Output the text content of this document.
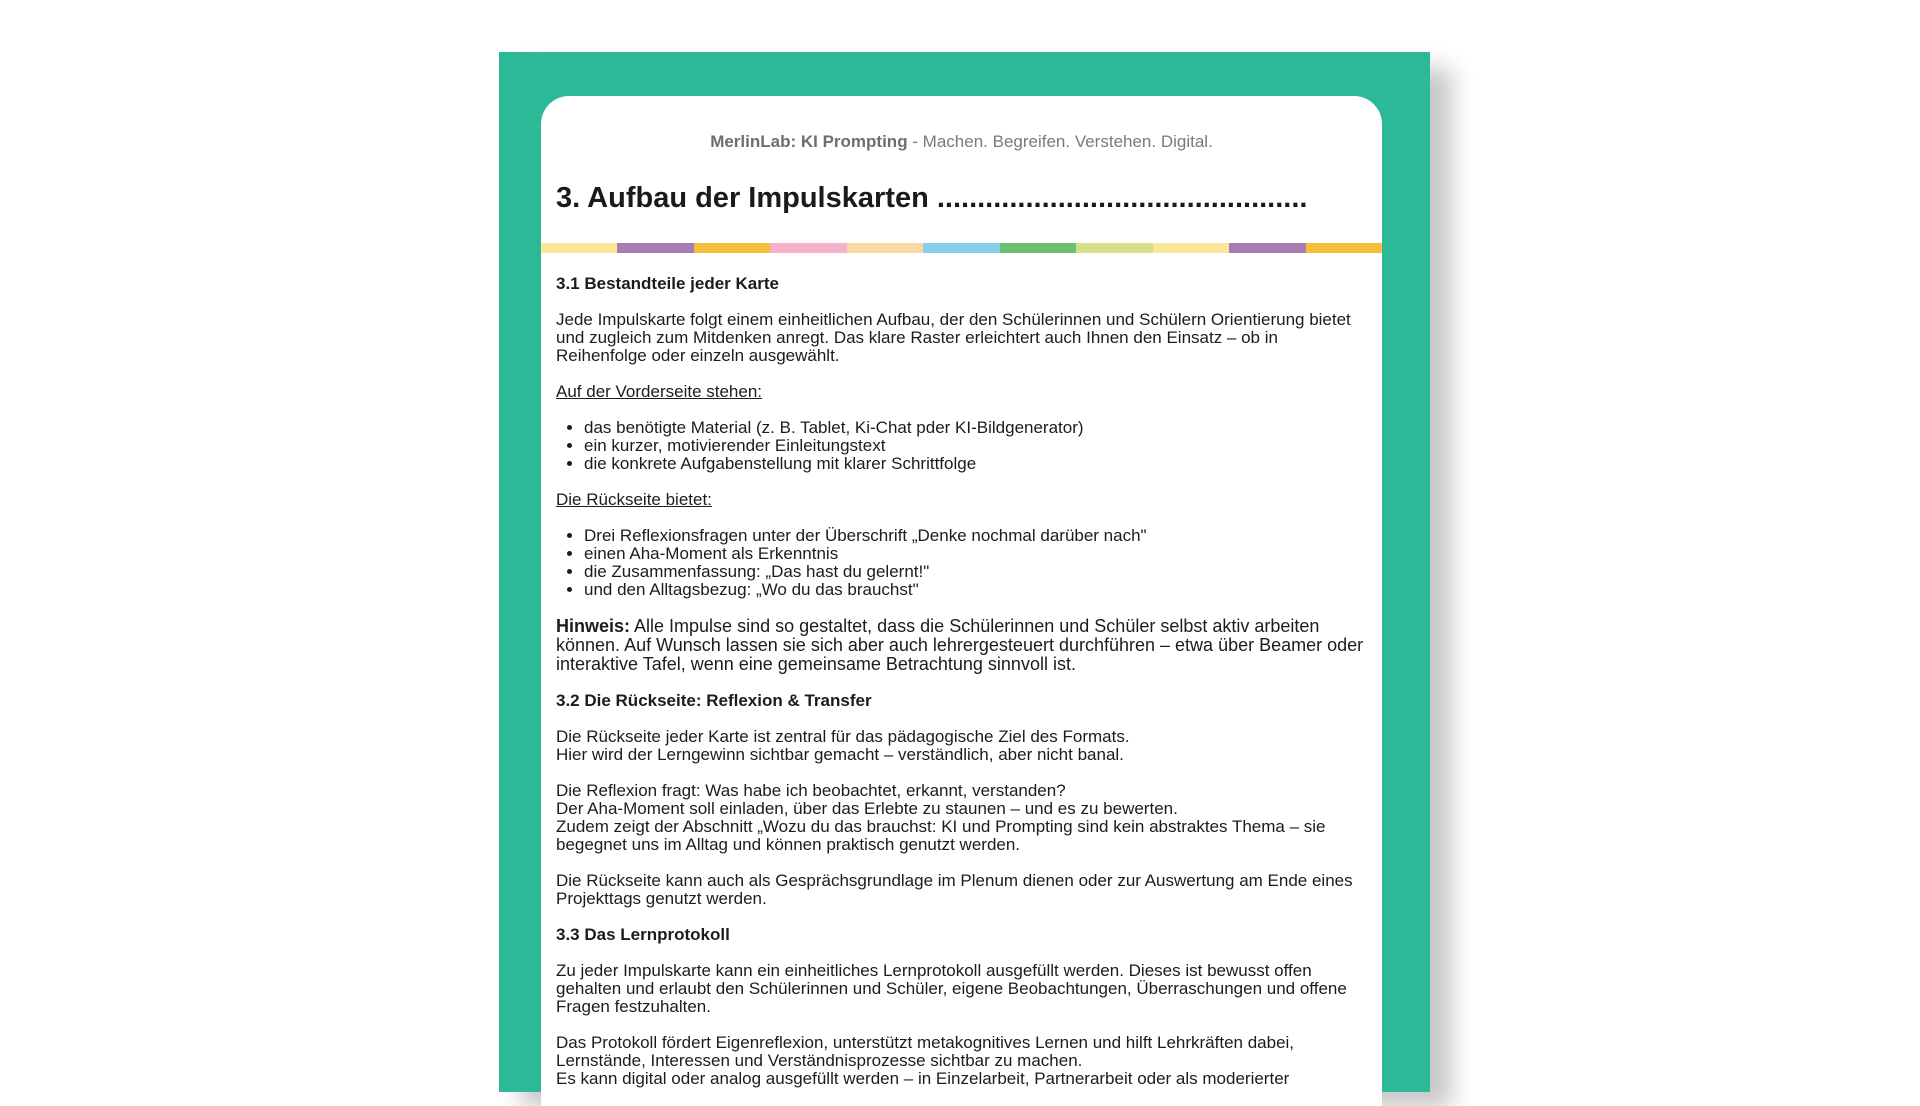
MerlinLab: KI Prompting - Machen. Begreifen. Verstehen. Digital.
3. Aufbau der Impulskarten ..............................................
3.1 Bestandteile jeder Karte

Jede Impulskarte folgt einem einheitlichen Aufbau, der den Schülerinnen und Schülern Orientierung bietet und zugleich zum Mitdenken anregt. Das klare Raster erleichtert auch Ihnen den Einsatz – ob in Reihenfolge oder einzeln ausgewählt.

Auf der Vorderseite stehen:
• das benötigte Material (z. B. Tablet, Ki-Chat pder KI-Bildgenerator)
• ein kurzer, motivierender Einleitungstext
• die konkrete Aufgabenstellung mit klarer Schrittfolge
Die Rückseite bietet:
• Drei Reflexionsfragen unter der Überschrift „Denke nochmal darüber nach"
• einen Aha-Moment als Erkenntnis
• die Zusammenfassung: „Das hast du gelernt!"
• und den Alltagsbezug: „Wo du das brauchst"

Hinweis: Alle Impulse sind so gestaltet, dass die Schülerinnen und Schüler selbst aktiv arbeiten können. Auf Wunsch lassen sie sich aber auch lehrergesteuert durchführen – etwa über Beamer oder interaktive Tafel, wenn eine gemeinsame Betrachtung sinnvoll ist.

3.2 Die Rückseite: Reflexion & Transfer

Die Rückseite jeder Karte ist zentral für das pädagogische Ziel des Formats.
Hier wird der Lerngewinn sichtbar gemacht – verständlich, aber nicht banal.

Die Reflexion fragt: Was habe ich beobachtet, erkannt, verstanden?
Der Aha-Moment soll einladen, über das Erlebte zu staunen – und es zu bewerten.
Zudem zeigt der Abschnitt „Wozu du das brauchst: KI und Prompting sind kein abstraktes Thema – sie begegnet uns im Alltag und können praktisch genutzt werden.

Die Rückseite kann auch als Gesprächsgrundlage im Plenum dienen oder zur Auswertung am Ende eines Projekttags genutzt werden.

3.3 Das Lernprotokoll

Zu jeder Impulskarte kann ein einheitliches Lernprotokoll ausgefüllt werden. Dieses ist bewusst offen gehalten und erlaubt den Schülerinnen und Schüler, eigene Beobachtungen, Überraschungen und offene Fragen festzuhalten.

Das Protokoll fördert Eigenreflexion, unterstützt metakognitives Lernen und hilft Lehrkräften dabei, Lernstände, Interessen und Verständnisprozesse sichtbar zu machen.
Es kann digital oder analog ausgefüllt werden – in Einzelarbeit, Partnerarbeit oder als moderierter
